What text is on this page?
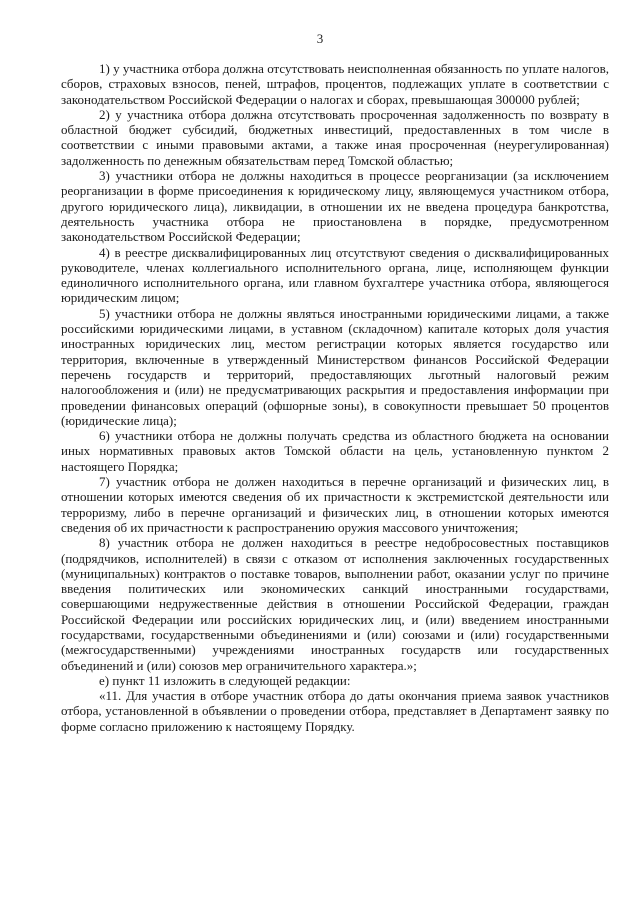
3

1) у участника отбора должна отсутствовать неисполненная обязанность по уплате налогов, сборов, страховых взносов, пеней, штрафов, процентов, подлежащих уплате в соответствии с законодательством Российской Федерации о налогах и сборах, превышающая 300000 рублей;

2) у участника отбора должна отсутствовать просроченная задолженность по возврату в областной бюджет субсидий, бюджетных инвестиций, предоставленных в том числе в соответствии с иными правовыми актами, а также иная просроченная (неурегулированная) задолженность по денежным обязательствам перед Томской областью;

3) участники отбора не должны находиться в процессе реорганизации (за исключением реорганизации в форме присоединения к юридическому лицу, являющемуся участником отбора, другого юридического лица), ликвидации, в отношении их не введена процедура банкротства, деятельность участника отбора не приостановлена в порядке, предусмотренном законодательством Российской Федерации;

4) в реестре дисквалифицированных лиц отсутствуют сведения о дисквалифицированных руководителе, членах коллегиального исполнительного органа, лице, исполняющем функции единоличного исполнительного органа, или главном бухгалтере участника отбора, являющегося юридическим лицом;

5) участники отбора не должны являться иностранными юридическими лицами, а также российскими юридическими лицами, в уставном (складочном) капитале которых доля участия иностранных юридических лиц, местом регистрации которых является государство или территория, включенные в утвержденный Министерством финансов Российской Федерации перечень государств и территорий, предоставляющих льготный налоговый режим налогообложения и (или) не предусматривающих раскрытия и предоставления информации при проведении финансовых операций (офшорные зоны), в совокупности превышает 50 процентов (юридические лица);

6) участники отбора не должны получать средства из областного бюджета на основании иных нормативных правовых актов Томской области на цель, установленную пунктом 2 настоящего Порядка;

7) участник отбора не должен находиться в перечне организаций и физических лиц, в отношении которых имеются сведения об их причастности к экстремистской деятельности или терроризму, либо в перечне организаций и физических лиц, в отношении которых имеются сведения об их причастности к распространению оружия массового уничтожения;

8) участник отбора не должен находиться в реестре недобросовестных поставщиков (подрядчиков, исполнителей) в связи с отказом от исполнения заключенных государственных (муниципальных) контрактов о поставке товаров, выполнении работ, оказании услуг по причине введения политических или экономических санкций иностранными государствами, совершающими недружественные действия в отношении Российской Федерации, граждан Российской Федерации или российских юридических лиц, и (или) введением иностранными государствами, государственными объединениями и (или) союзами и (или) государственными (межгосударственными) учреждениями иностранных государств или государственных объединений и (или) союзов мер ограничительного характера.»;

е) пункт 11 изложить в следующей редакции:

«11. Для участия в отборе участник отбора до даты окончания приема заявок участников отбора, установленной в объявлении о проведении отбора, представляет в Департамент заявку по форме согласно приложению к настоящему Порядку.
